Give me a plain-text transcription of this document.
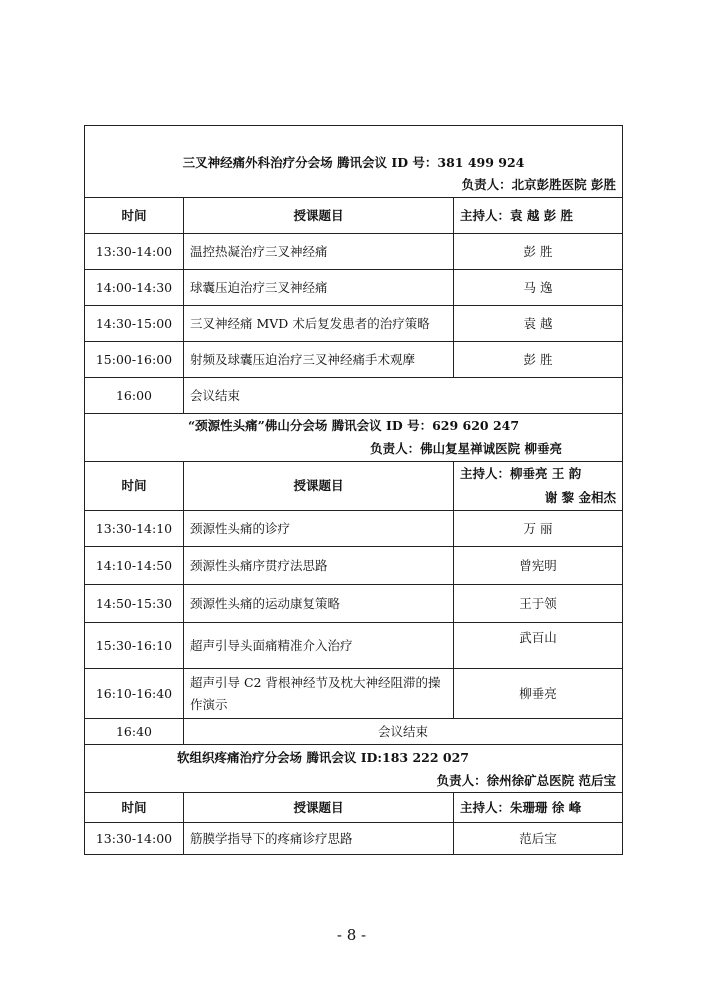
三叉神经痛外科治疗分会场 腾讯会议 ID 号：381 499 924		
负责人：北京彭胜医院 彭胜		
时间	授课题目	主持人：袁 越 彭 胜
13:30-14:00	温控热凝治疗三叉神经痛	彭 胜
14:00-14:30	球囊压迫治疗三叉神经痛	马 逸
14:30-15:00	三叉神经痛 MVD 术后复发患者的治疗策略	袁 越
15:00-16:00	射频及球囊压迫治疗三叉神经痛手术观摩	彭 胜
16:00	会议结束	
“颈源性头痛”佛山分会场 腾讯会议 ID 号：629 620 247		
负责人：佛山复星禅诚医院 柳垂亮		
时间	授课题目	主持人：柳垂亮 王 韵
谢 黎 金相杰

13:30-14:10	颈源性头痛的诊疗	万 丽
14:10-14:50	颈源性头痛序贯疗法思路	曾宪明
14:50-15:30	颈源性头痛的运动康复策略	王于领
15:30-16:10	超声引导头面痛精准介入治疗	武百山
16:10-16:40	超声引导 C2 背根神经节及枕大神经阻滞的操作演示	柳垂亮
16:40	会议结束	
软组织疼痛治疗分会场 腾讯会议 ID:183 222 027		
负责人：徐州徐矿总医院 范后宝		
时间	授课题目	主持人：朱珊珊 徐 峰
13:30-14:00	筋膜学指导下的疼痛诊疗思路	范后宝
- 8 -
